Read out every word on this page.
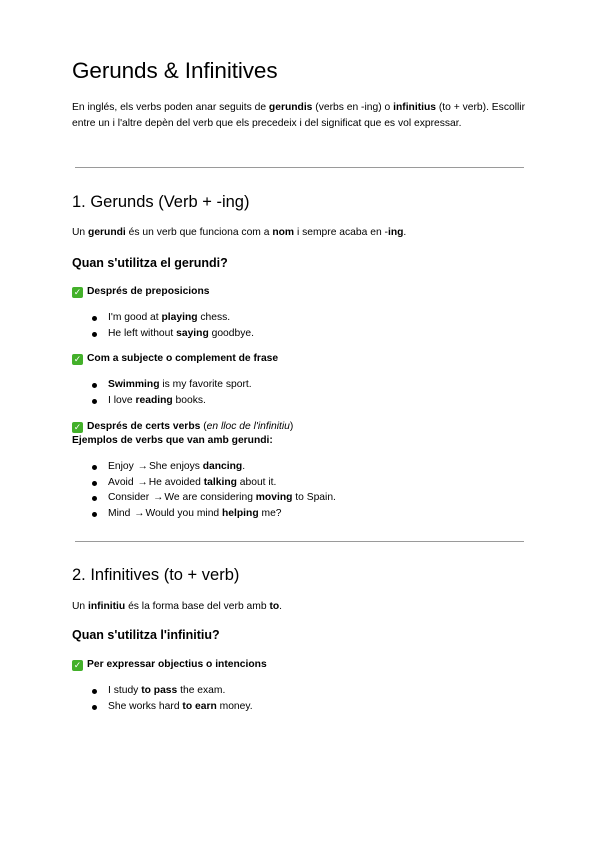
Gerunds & Infinitives

En inglés, els verbs poden anar seguits de gerundis (verbs en -ing) o infinitius (to + verb). Escollir entre un i l'altre depèn del verb que els precedeix i del significat que es vol expressar.

1. Gerunds (Verb + -ing)

Un gerundi és un verb que funciona com a nom i sempre acaba en -ing.

Quan s'utilitza el gerundi?

✓ Després de preposicions

I'm good at playing chess.
He left without saying goodbye.

✓ Com a subjecte o complement de frase

Swimming is my favorite sport.
I love reading books.

✓ Després de certs verbs (en lloc de l'infinitiu)

Ejemplos de verbs que van amb gerundi:

Enjoy →She enjoys dancing.
Avoid →He avoided talking about it.
Consider →We are considering moving to Spain.
Mind →Would you mind helping me?
2. Infinitives (to + verb)

Un infinitiu és la forma base del verb amb to.

Quan s'utilitza l'infinitiu?

✓ Per expressar objectius o intencions

I study to pass the exam.
She works hard to earn money.
